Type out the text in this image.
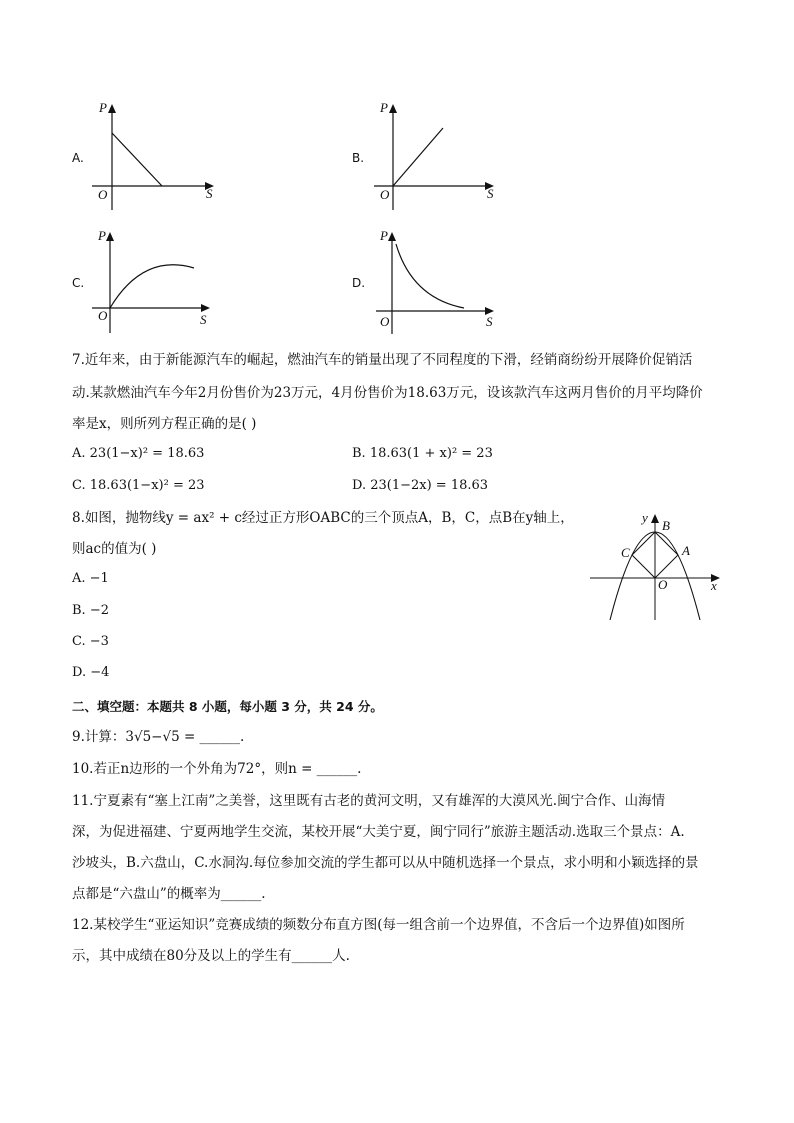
A.
P
S
O
B.
P
S
O
C.
P
S
O
D.
P
S
O
7.近年来，由于新能源汽车的崛起，燃油汽车的销量出现了不同程度的下滑，经销商纷纷开展降价促销活
动.某款燃油汽车今年2月份售价为23万元，4月份售价为18.63万元，设该款汽车这两月售价的月平均降价
率是x，则所列方程正确的是( )
A. 23(1−x)² = 18.63	B. 18.63(1 + x)² = 23
C. 18.63(1−x)² = 23	D. 23(1−2x) = 18.63
8.如图，抛物线y = ax² + c经过正方形OABC的三个顶点A，B，C，点B在y轴上，
则ac的值为( )
A. −1
B. −2
C. −3
D. −4
y
B
C	A
O	x
二、填空题：本题共 8 小题，每小题 3 分，共 24 分。
9.计算：3√5−√5 = ______.
10.若正n边形的一个外角为72°，则n = ______.
11.宁夏素有“塞上江南”之美誉，这里既有古老的黄河文明，又有雄浑的大漠风光.闽宁合作、山海情
深，为促进福建、宁夏两地学生交流，某校开展“大美宁夏，闽宁同行”旅游主题活动.选取三个景点：A.
沙坡头，B.六盘山，C.水洞沟.每位参加交流的学生都可以从中随机选择一个景点，求小明和小颖选择的景
点都是“六盘山”的概率为______.
12.某校学生“亚运知识”竞赛成绩的频数分布直方图(每一组含前一个边界值，不含后一个边界值)如图所
示，其中成绩在80分及以上的学生有______人.
